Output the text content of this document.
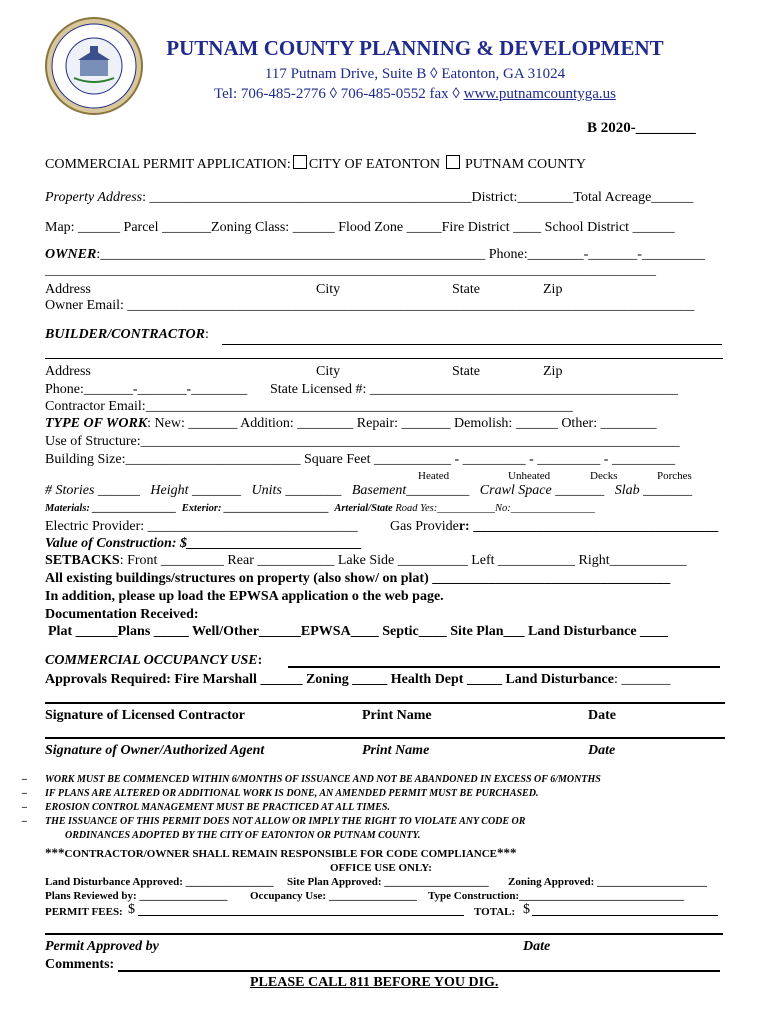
PUTNAM COUNTY PLANNING & DEVELOPMENT
117 Putnam Drive, Suite B ◊ Eatonton, GA 31024
Tel: 706-485-2776 ◊ 706-485-0552 fax ◊ www.putnamcountyga.us
B 2020-________
COMMERCIAL PERMIT APPLICATION: CITY OF EATONTON PUTNAM COUNTY
Property Address: ______________________________________________District:________Total Acreage______
Map: ______ Parcel _______Zoning Class: ______ Flood Zone _____Fire District ____ School District ______
OWNER:_______________________________________________________ Phone:________-_______-_________
______________________________________________________________________________________________
Address	City	State	Zip
Owner Email: _________________________________________________________________________________
BUILDER/CONTRACTOR:
Address	City	State	Zip
Phone:_______-_______-________ State Licensed #: ____________________________________________
Contractor Email:_____________________________________________________________
TYPE OF WORK: New: _______ Addition: ________ Repair: _______ Demolish: ______ Other: ________
Use of Structure:_____________________________________________________________________________
Building Size:_________________________ Square Feet ___________ - _________ - _________ - _________
Heated	Unheated	Decks	Porches
# Stories ______ Height _______ Units ________ Basement_________ Crawl Space _______ Slab _______
Materials: ________________ Exterior: ____________________ Arterial/State Road Yes:___________No:________________
Electric Provider: ______________________________ Gas Provider: ___________________________________
Value of Construction: $_________________________
SETBACKS: Front _________ Rear ___________ Lake Side __________ Left ___________ Right___________
All existing buildings/structures on property (also show/ on plat) __________________________________
In addition, please up load the EPWSA application o the web page.
Documentation Received:
Plat ______Plans _____ Well/Other______EPWSA____ Septic____ Site Plan___ Land Disturbance ____
COMMERCIAL OCCUPANCY USE:
Approvals Required: Fire Marshall ______ Zoning _____ Health Dept _____ Land Disturbance: _______
Signature of Licensed Contractor	Print Name	Date
Signature of Owner/Authorized Agent	Print Name	Date
– WORK MUST BE COMMENCED WITHIN 6/MONTHS OF ISSUANCE AND NOT BE ABANDONED IN EXCESS OF 6/MONTHS
– IF PLANS ARE ALTERED OR ADDITIONAL WORK IS DONE, AN AMENDED PERMIT MUST BE PURCHASED.
– EROSION CONTROL MANAGEMENT MUST BE PRACTICED AT ALL TIMES.
– THE ISSUANCE OF THIS PERMIT DOES NOT ALLOW OR IMPLY THE RIGHT TO VIOLATE ANY CODE OR
ORDINANCES ADOPTED BY THE CITY OF EATONTON OR PUTNAM COUNTY.
***CONTRACTOR/OWNER SHALL REMAIN RESPONSIBLE FOR CODE COMPLIANCE***
OFFICE USE ONLY:
Land Disturbance Approved: ________________ Site Plan Approved: ___________________ Zoning Approved: ____________________
Plans Reviewed by: ________________ Occupancy Use: ________________ Type Construction:______________________________
PERMIT FEES: $	TOTAL: $
Permit Approved by	Date
Comments:
PLEASE CALL 811 BEFORE YOU DIG.
